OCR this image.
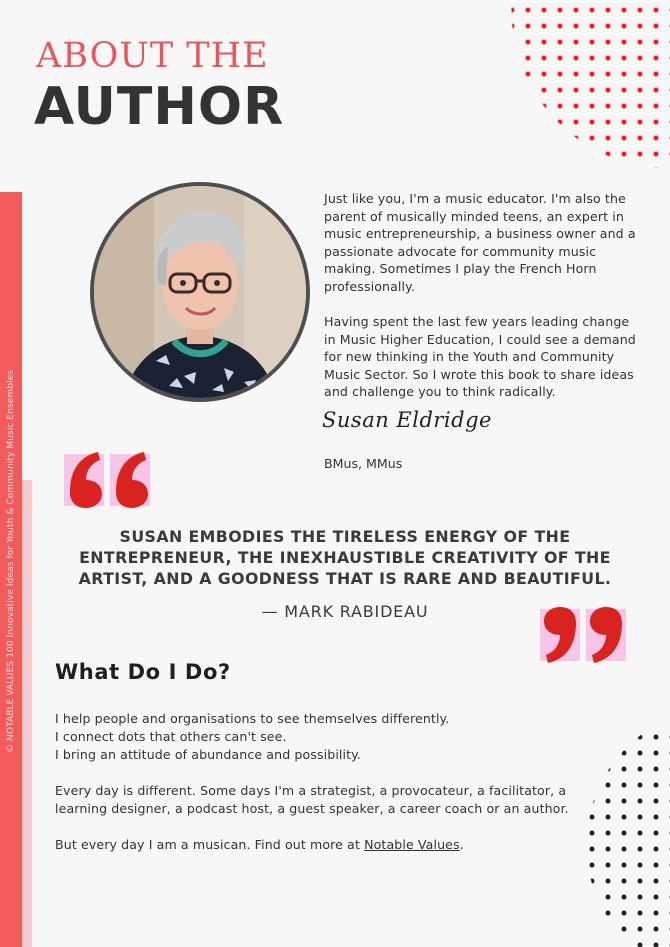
ABOUT THE
AUTHOR

Just like you, I'm a music educator. I'm also the parent of musically minded teens, an expert in music entrepreneurship, a business owner and a passionate advocate for community music making. Sometimes I play the French Horn professionally.

Having spent the last few years leading change in Music Higher Education, I could see a demand for new thinking in the Youth and Community Music Sector. So I wrote this book to share ideas and challenge you to think radically.

Susan Eldridge
BMus, MMus
SUSAN EMBODIES THE TIRELESS ENERGY OF THE ENTREPRENEUR, THE INEXHAUSTIBLE CREATIVITY OF THE ARTIST, AND A GOODNESS THAT IS RARE AND BEAUTIFUL.
— MARK RABIDEAU
What Do I Do?

I help people and organisations to see themselves differently.
I connect dots that others can't see.
I bring an attitude of abundance and possibility.

Every day is different. Some days I'm a strategist, a provocateur, a facilitator, a learning designer, a podcast host, a guest speaker, a career coach or an author.

But every day I am a musican. Find out more at Notable Values.
